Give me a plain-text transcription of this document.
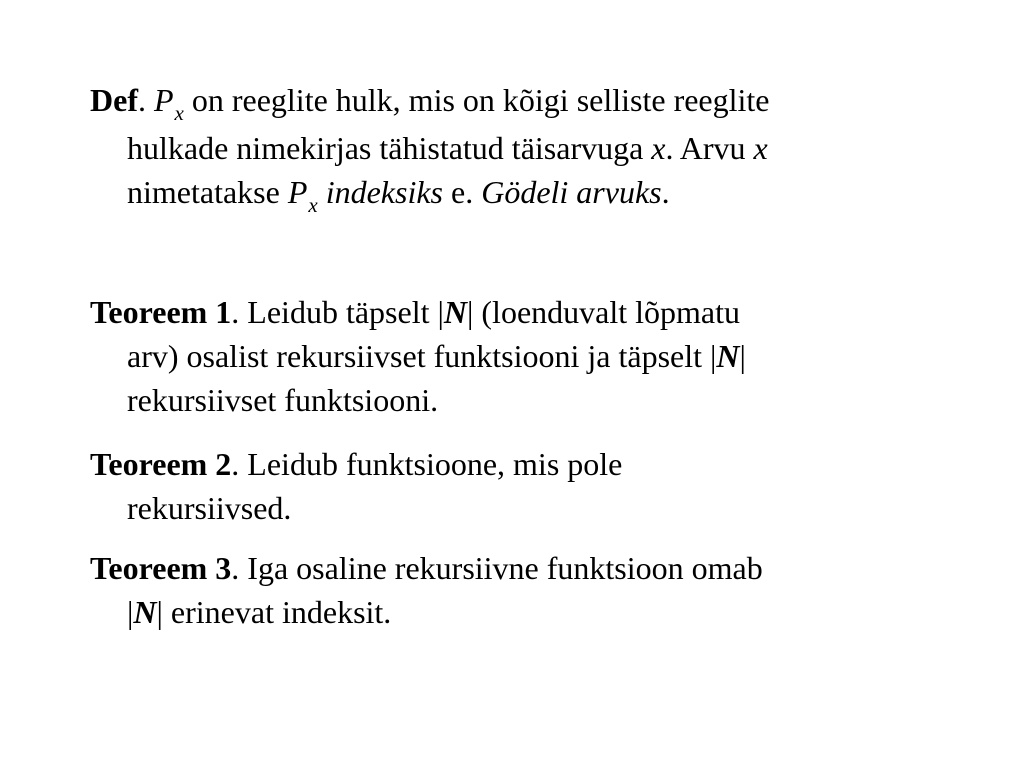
Def. $P_x$ on reeglite hulk, mis on kõigi selliste reeglite
hulkade nimekirjas tähistatud täisarvuga x. Arvu x
nimetatakse $P_x$ indeksiks e. Gödeli arvuks.
Teoreem 1. Leidub täpselt |N| (loenduvalt lõpmatu
arv) osalist rekursiivset funktsiooni ja täpselt |N|
rekursiivset funktsiooni.
Teoreem 2. Leidub funktsioone, mis pole
rekursiivsed.
Teoreem 3. Iga osaline rekursiivne funktsioon omab
|N| erinevat indeksit.
